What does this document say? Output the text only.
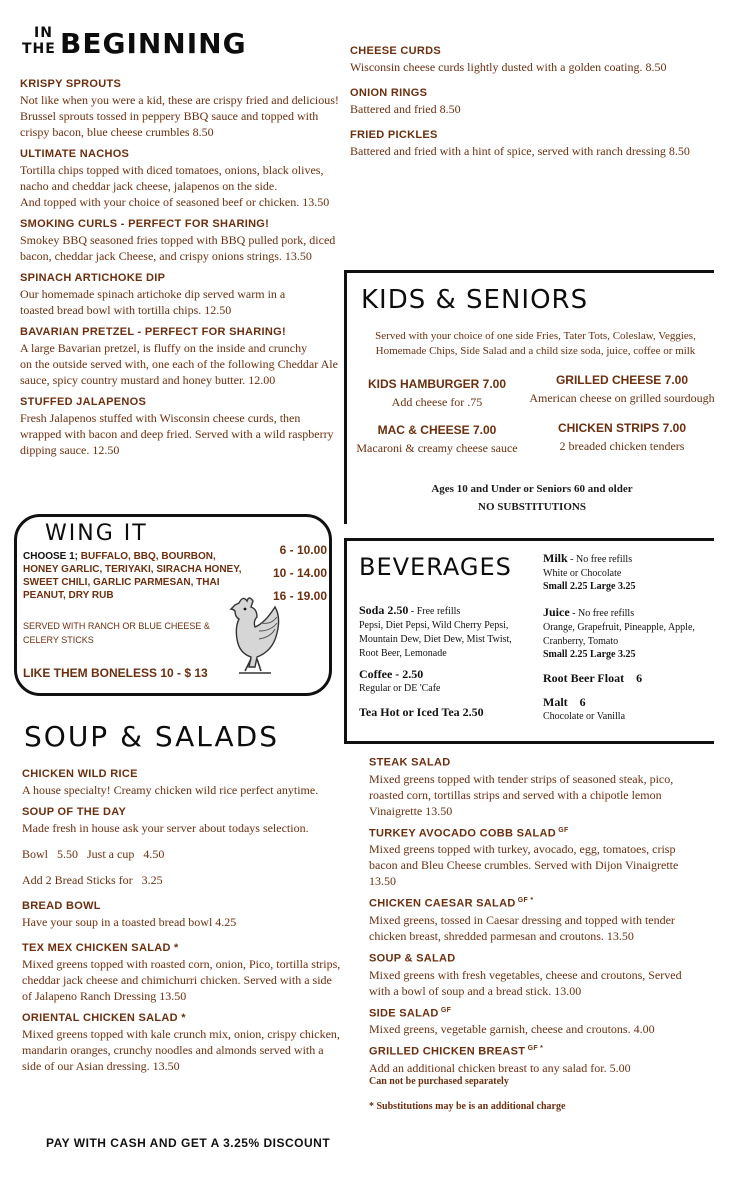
IN
THE BEGINNING

KRISPY SPROUTS

Not like when you were a kid, these are crispy fried and delicious! Brussel sprouts tossed in peppery BBQ sauce and topped with crispy bacon, blue cheese crumbles 8.50

ULTIMATE NACHOS

Tortilla chips topped with diced tomatoes, onions, black olives, nacho and cheddar jack cheese, jalapenos on the side.
And topped with your choice of seasoned beef or chicken. 13.50

SMOKING CURLS - PERFECT FOR SHARING!

Smokey BBQ seasoned fries topped with BBQ pulled pork, diced bacon, cheddar jack Cheese, and crispy onions strings. 13.50

SPINACH ARTICHOKE DIP

Our homemade spinach artichoke dip served warm in a
toasted bread bowl with tortilla chips. 12.50

BAVARIAN PRETZEL - PERFECT FOR SHARING!

A large Bavarian pretzel, is fluffy on the inside and crunchy
on the outside served with, one each of the following Cheddar Ale sauce, spicy country mustard and honey butter. 12.00

STUFFED JALAPENOS

Fresh Jalapenos stuffed with Wisconsin cheese curds, then wrapped with bacon and deep fried. Served with a wild raspberry dipping sauce. 12.50

CHEESE CURDS

Wisconsin cheese curds lightly dusted with a golden coating. 8.50

ONION RINGS

Battered and fried 8.50

FRIED PICKLES

Battered and fried with a hint of spice, served with ranch dressing 8.50

WING IT
CHOOSE 1; BUFFALO, BBQ, BOURBON, HONEY GARLIC, TERIYAKI, SIRACHA HONEY, SWEET CHILI, GARLIC PARMESAN, THAI PEANUT, DRY RUB
6 - 10.00
10 - 14.00
16 - 19.00
SERVED WITH RANCH OR BLUE CHEESE & CELERY STICKS
LIKE THEM BONELESS 10 - $ 13
KIDS & SENIORS
Served with your choice of one side Fries, Tater Tots, Coleslaw, Veggies, Homemade Chips, Side Salad and a child size soda, juice, coffee or milk
KIDS HAMBURGER 7.00
Add cheese for .75
GRILLED CHEESE 7.00
American cheese on grilled sourdough
MAC & CHEESE 7.00
Macaroni & creamy cheese sauce
CHICKEN STRIPS 7.00
2 breaded chicken tenders
Ages 10 and Under or Seniors 60 and older
NO SUBSTITUTIONS
BEVERAGES
Soda 2.50 - Free refills
Pepsi, Diet Pepsi, Wild Cherry Pepsi, Mountain Dew, Diet Dew, Mist Twist, Root Beer, Lemonade
Coffee - 2.50
Regular or DE 'Cafe
Tea Hot or Iced Tea 2.50
Milk - No free refills
White or Chocolate
Small 2.25 Large 3.25
Juice - No free refills
Orange, Grapefruit, Pineapple, Apple, Cranberry, Tomato
Small 2.25 Large 3.25
Root Beer Float    6
Malt    6
Chocolate or Vanilla
SOUP & SALADS

CHICKEN WILD RICE

A house specialty! Creamy chicken wild rice perfect anytime.

SOUP OF THE DAY

Made fresh in house ask your server about todays selection.

Bowl   5.50   Just a cup   4.50

Add 2 Bread Sticks for   3.25

BREAD BOWL

Have your soup in a toasted bread bowl 4.25

TEX MEX CHICKEN SALAD *

Mixed greens topped with roasted corn, onion, Pico, tortilla strips, cheddar jack cheese and chimichurri chicken. Served with a side of Jalapeno Ranch Dressing 13.50

ORIENTAL CHICKEN SALAD *

Mixed greens topped with kale crunch mix, onion, crispy chicken, mandarin oranges, crunchy noodles and almonds served with a side of our Asian dressing. 13.50

STEAK SALAD

Mixed greens topped with tender strips of seasoned steak, pico, roasted corn, tortillas strips and served with a chipotle lemon Vinaigrette 13.50

TURKEY AVOCADO COBB SALAD $^{GF}$

Mixed greens topped with turkey, avocado, egg, tomatoes, crisp bacon and Bleu Cheese crumbles. Served with Dijon Vinaigrette 13.50

CHICKEN CAESAR SALAD $^{GF *}$

Mixed greens, tossed in Caesar dressing and topped with tender chicken breast, shredded parmesan and croutons. 13.50

SOUP & SALAD

Mixed greens with fresh vegetables, cheese and croutons, Served with a bowl of soup and a bread stick. 13.00

SIDE SALAD $^{GF}$

Mixed greens, vegetable garnish, cheese and croutons. 4.00

GRILLED CHICKEN BREAST $^{GF *}$

Add an additional chicken breast to any salad for. 5.00

Can not be purchased separately

* Substitutions may be is an additional charge

PAY WITH CASH AND GET A 3.25% DISCOUNT
